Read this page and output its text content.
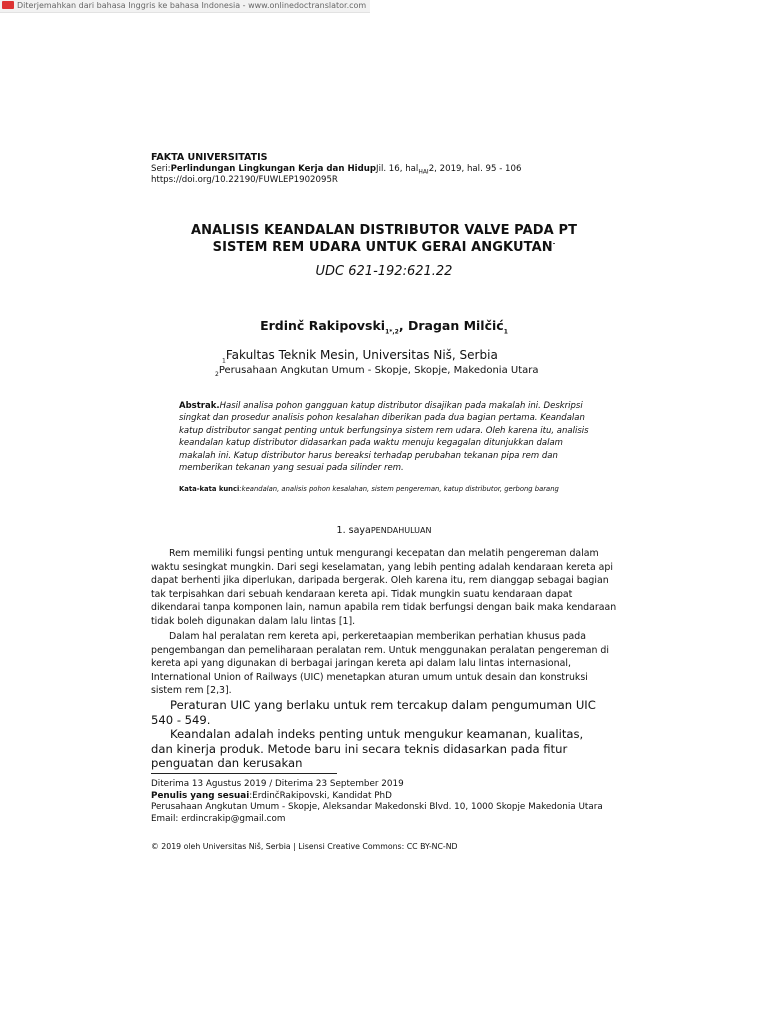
Diterjemahkan dari bahasa Inggris ke bahasa Indonesia - www.onlinedoctranslator.com
FAKTA UNIVERSITATIS
Seri:Perlindungan Lingkungan Kerja dan HidupJil. 16, hal$_{HAI}$2, 2019, hal. 95 - 106
https://doi.org/10.22190/FUWLEP1902095R
ANALISIS KEANDALAN DISTRIBUTOR VALVE PADA PT
SISTEM REM UDARA UNTUK GERAI ANGKUTAN-
UDC 621-192:621.22
Erdinč Rakipovski$_{1*,2}$, Dragan Milčić$_1$
$_1$Fakultas Teknik Mesin, Universitas Niš, Serbia
$_2$Perusahaan Angkutan Umum - Skopje, Skopje, Makedonia Utara
Abstrak.Hasil analisa pohon gangguan katup distributor disajikan pada makalah ini. Deskripsi singkat dan prosedur analisis pohon kesalahan diberikan pada dua bagian pertama. Keandalan katup distributor sangat penting untuk berfungsinya sistem rem udara. Oleh karena itu, analisis keandalan katup distributor didasarkan pada waktu menuju kegagalan ditunjukkan dalam makalah ini. Katup distributor harus bereaksi terhadap perubahan tekanan pipa rem dan memberikan tekanan yang sesuai pada silinder rem.
Kata-kata kunci:keandalan, analisis pohon kesalahan, sistem pengereman, katup distributor, gerbong barang
1. sayaPENDAHULUAN

Rem memiliki fungsi penting untuk mengurangi kecepatan dan melatih pengereman dalam waktu sesingkat mungkin. Dari segi keselamatan, yang lebih penting adalah kendaraan kereta api dapat berhenti jika diperlukan, daripada bergerak. Oleh karena itu, rem dianggap sebagai bagian tak terpisahkan dari sebuah kendaraan kereta api. Tidak mungkin suatu kendaraan dapat dikendarai tanpa komponen lain, namun apabila rem tidak berfungsi dengan baik maka kendaraan tidak boleh digunakan dalam lalu lintas [1].

Dalam hal peralatan rem kereta api, perkeretaapian memberikan perhatian khusus pada pengembangan dan pemeliharaan peralatan rem. Untuk menggunakan peralatan pengereman di kereta api yang digunakan di berbagai jaringan kereta api dalam lalu lintas internasional, International Union of Railways (UIC) menetapkan aturan umum untuk desain dan konstruksi sistem rem [2,3].

Peraturan UIC yang berlaku untuk rem tercakup dalam pengumuman UIC 540 - 549.

Keandalan adalah indeks penting untuk mengukur keamanan, kualitas, dan kinerja produk. Metode baru ini secara teknis didasarkan pada fitur penguatan dan kerusakan

Diterima 13 Agustus 2019 / Diterima 23 September 2019
Penulis yang sesuai:ErdinčRakipovski, Kandidat PhD
Perusahaan Angkutan Umum - Skopje, Aleksandar Makedonski Blvd. 10, 1000 Skopje Makedonia Utara
Email: erdincrakip@gmail.com
© 2019 oleh Universitas Niš, Serbia | Lisensi Creative Commons: CC BY-NC-ND
